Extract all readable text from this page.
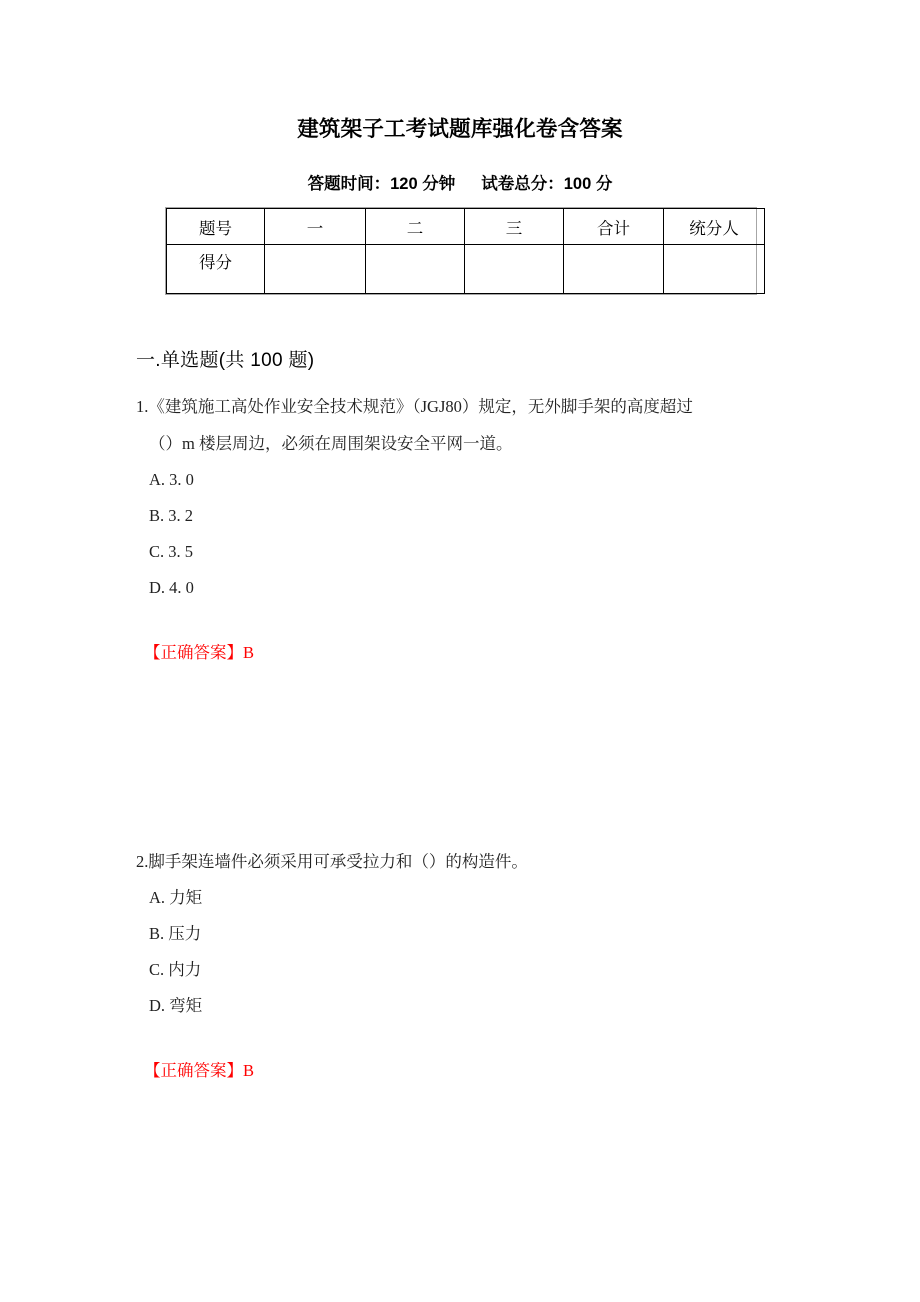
建筑架子工考试题库强化卷含答案
答题时间：120 分钟 试卷总分：100 分
题号	一	二	三	合计	统分人
得分					
一.单选题(共 100 题)
1.《建筑施工高处作业安全技术规范》（JGJ80）规定，无外脚手架的高度超过
（）m 楼层周边，必须在周围架设安全平网一道。
A. 3. 0
B. 3. 2
C. 3. 5
D. 4. 0
【正确答案】B
2.脚手架连墙件必须采用可承受拉力和（）的构造件。
A. 力矩
B. 压力
C. 内力
D. 弯矩
【正确答案】B
